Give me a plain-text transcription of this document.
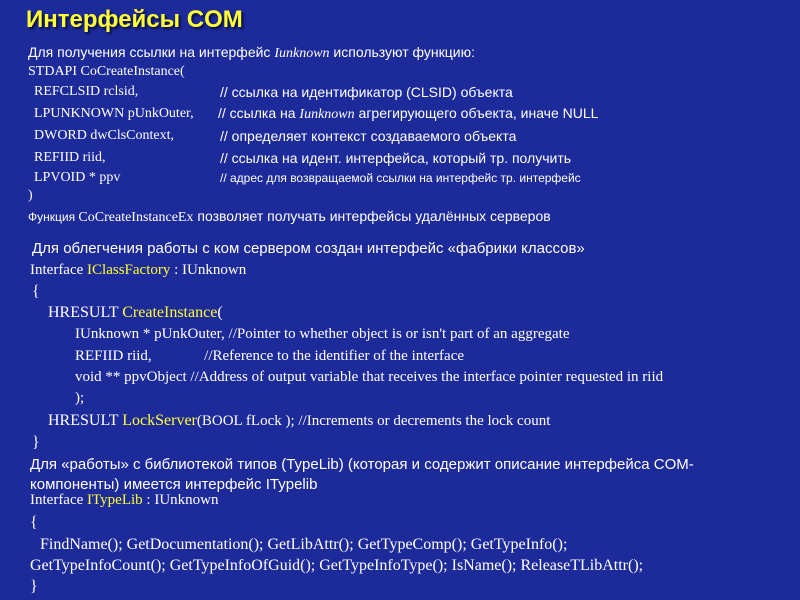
Интерфейсы COM
Для получения ссылки на интерфейс Iunknown используют функцию:
STDAPI CoCreateInstance(
REFCLSID rclsid,	// ссылка на идентификатор (CLSID) объекта
LPUNKNOWN pUnkOuter, // ссылка на Iunknown агрегирующего объекта, иначе NULL
DWORD dwClsContext,	// определяет контекст создаваемого объекта
REFIID riid,	// ссылка на идент. интерфейса, который тр. получить
LPVOID * ppv	// адрес для возвращаемой ссылки на интерфейс тр. интерфейс
)
Функция CoCreateInstanceEx позволяет получать интерфейсы удалённых серверов
Для облегчения работы с ком сервером создан интерфейс «фабрики классов»
Interface IClassFactory : IUnknown
{
HRESULT CreateInstance(
IUnknown * pUnkOuter, //Pointer to whether object is or isn't part of an aggregate
REFIID riid,              //Reference to the identifier of the interface
void ** ppvObject //Address of output variable that receives the interface pointer requested in riid
);
HRESULT LockServer(BOOL fLock ); //Increments or decrements the lock count
}
Для «работы» с библиотекой типов (TypeLib) (которая и содержит описание интерфейса COM-
компоненты) имеется интерфейс ITypelib
Interface ITypeLib : IUnknown
{
FindName(); GetDocumentation(); GetLibAttr(); GetTypeComp(); GetTypeInfo();
GetTypeInfoCount(); GetTypeInfoOfGuid(); GetTypeInfoType(); IsName(); ReleaseTLibAttr();
}
